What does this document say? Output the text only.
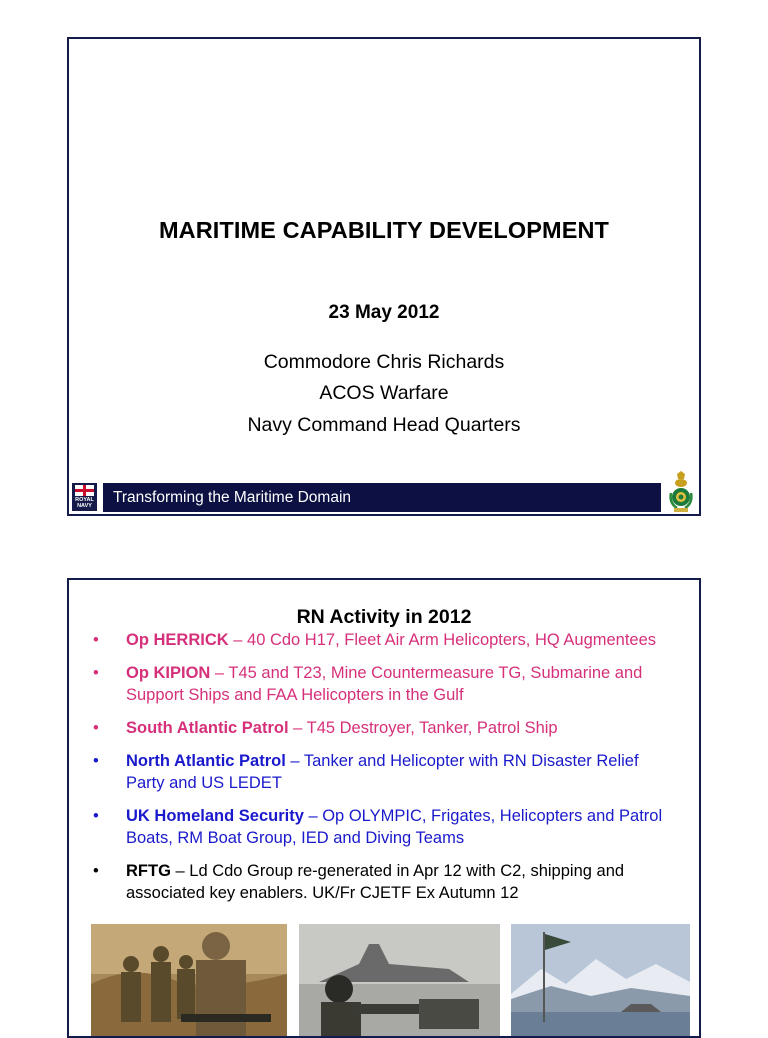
MARITIME CAPABILITY DEVELOPMENT
23 May 2012
Commodore Chris Richards
ACOS Warfare
Navy Command Head Quarters
ROYAL
NAVY	Transforming the Maritime Domain
RN Activity in 2012
• Op HERRICK – 40 Cdo H17, Fleet Air Arm Helicopters, HQ Augmentees
• Op KIPION – T45 and T23, Mine Countermeasure TG, Submarine and Support Ships and FAA Helicopters in the Gulf
• South Atlantic Patrol – T45 Destroyer, Tanker, Patrol Ship
• North Atlantic Patrol – Tanker and Helicopter with RN Disaster Relief Party and US LEDET
• UK Homeland Security – Op OLYMPIC, Frigates, Helicopters and Patrol Boats, RM Boat Group, IED and Diving Teams
• RFTG – Ld Cdo Group re-generated in Apr 12 with C2, shipping and associated key enablers. UK/Fr CJETF Ex Autumn 12
